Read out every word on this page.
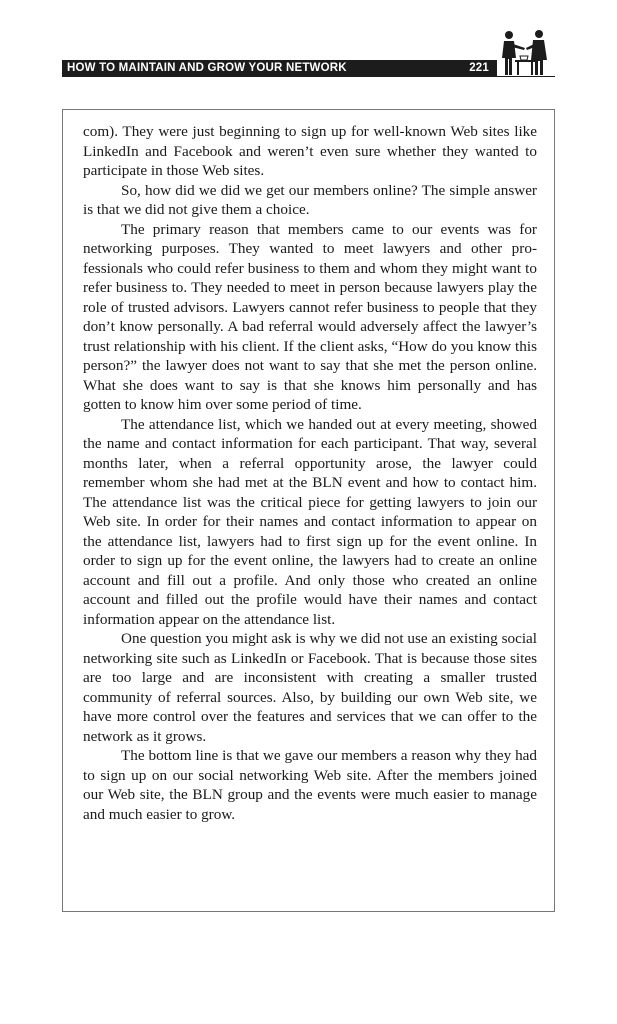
HOW TO MAINTAIN AND GROW YOUR NETWORK	221

com). They were just beginning to sign up for well-known Web sites like LinkedIn and Facebook and weren’t even sure whether they wanted to participate in those Web sites.

So, how did we did we get our members online? The simple answer is that we did not give them a choice.

The primary reason that members came to our events was for networking purposes. They wanted to meet lawyers and other professionals who could refer business to them and whom they might want to refer business to. They needed to meet in person because lawyers play the role of trusted advisors. Lawyers cannot refer business to people that they don’t know personally. A bad referral would adversely affect the lawyer’s trust relationship with his client. If the client asks, “How do you know this person?” the lawyer does not want to say that she met the person online. What she does want to say is that she knows him personally and has gotten to know him over some period of time.

The attendance list, which we handed out at every meeting, showed the name and contact information for each participant. That way, several months later, when a referral opportunity arose, the lawyer could remember whom she had met at the BLN event and how to contact him. The attendance list was the critical piece for getting lawyers to join our Web site. In order for their names and contact information to appear on the attendance list, lawyers had to first sign up for the event online. In order to sign up for the event online, the lawyers had to create an online account and fill out a profile. And only those who created an online account and filled out the profile would have their names and contact information appear on the attendance list.

One question you might ask is why we did not use an existing social networking site such as LinkedIn or Facebook. That is because those sites are too large and are inconsistent with creating a smaller trusted community of referral sources. Also, by building our own Web site, we have more control over the features and services that we can offer to the network as it grows.

The bottom line is that we gave our members a reason why they had to sign up on our social networking Web site. After the members joined our Web site, the BLN group and the events were much easier to manage and much easier to grow.
